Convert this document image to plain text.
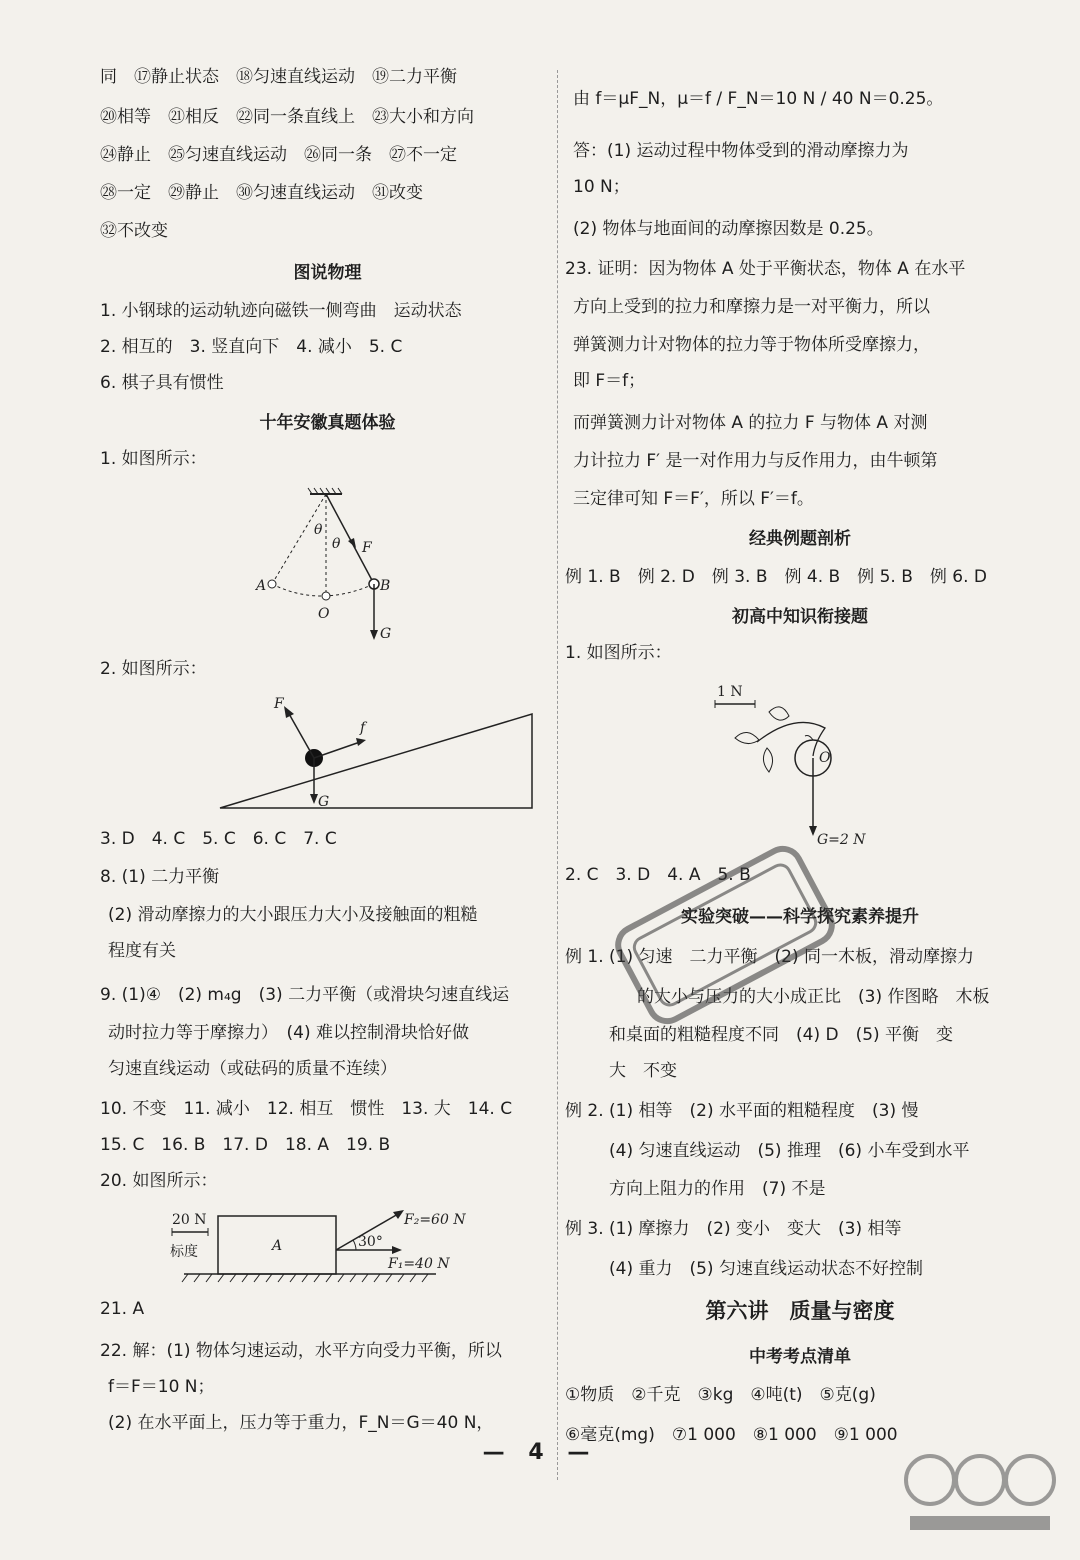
同　⑰静止状态　⑱匀速直线运动　⑲二力平衡
⑳相等　㉑相反　㉒同一条直线上　㉓大小和方向
㉔静止　㉕匀速直线运动　㉖同一条　㉗不一定
㉘一定　㉙静止　㉚匀速直线运动　㉛改变
㉜不改变
图说物理
1. 小钢球的运动轨迹向磁铁一侧弯曲　运动状态
2. 相互的　3. 竖直向下　4. 减小　5. C
6. 棋子具有惯性
十年安徽真题体验
1. 如图所示：
θ
θ F
A	B
O
G
2. 如图所示：
F
f
G
3. D　4. C　5. C　6. C　7. C
8. (1) 二力平衡
(2) 滑动摩擦力的大小跟压力大小及接触面的粗糙
程度有关
9. (1)④　(2) m₄g　(3) 二力平衡（或滑块匀速直线运
动时拉力等于摩擦力）　(4) 难以控制滑块恰好做
匀速直线运动（或砝码的质量不连续）
10. 不变　11. 减小　12. 相互　惯性　13. 大　14. C
15. C　16. B　17. D　18. A　19. B
20. 如图所示：
20 N
标度	A	30°
F₂=60 N
F₁=40 N
21. A
22. 解：(1) 物体匀速运动，水平方向受力平衡，所以
f＝F＝10 N；
(2) 在水平面上，压力等于重力，F_N＝G＝40 N，
由 f＝μF_N，μ＝f / F_N＝10 N / 40 N＝0.25。
答：(1) 运动过程中物体受到的滑动摩擦力为
10 N；
(2) 物体与地面间的动摩擦因数是 0.25。
23. 证明：因为物体 A 处于平衡状态，物体 A 在水平
方向上受到的拉力和摩擦力是一对平衡力，所以
弹簧测力计对物体的拉力等于物体所受摩擦力，
即 F＝f；
而弹簧测力计对物体 A 的拉力 F 与物体 A 对测
力计拉力 F′ 是一对作用力与反作用力，由牛顿第
三定律可知 F＝F′，所以 F′＝f。
经典例题剖析
例 1. B　例 2. D　例 3. B　例 4. B　例 5. B　例 6. D
初高中知识衔接题
1. 如图所示：
1 N
O
G=2 N
2. C　3. D　4. A　5. B
实验突破——科学探究素养提升
例 1. (1) 匀速　二力平衡　(2) 同一木板，滑动摩擦力
的大小与压力的大小成正比　(3) 作图略　木板
和桌面的粗糙程度不同　(4) D　(5) 平衡　变
大　不变
例 2. (1) 相等　(2) 水平面的粗糙程度　(3) 慢
(4) 匀速直线运动　(5) 推理　(6) 小车受到水平
方向上阻力的作用　(7) 不是
例 3. (1) 摩擦力　(2) 变小　变大　(3) 相等
(4) 重力　(5) 匀速直线运动状态不好控制
第六讲　质量与密度
中考考点清单
①物质　②千克　③kg　④吨(t)　⑤克(g)
⑥毫克(mg)　⑦1 000　⑧1 000　⑨1 000
— 4 —
